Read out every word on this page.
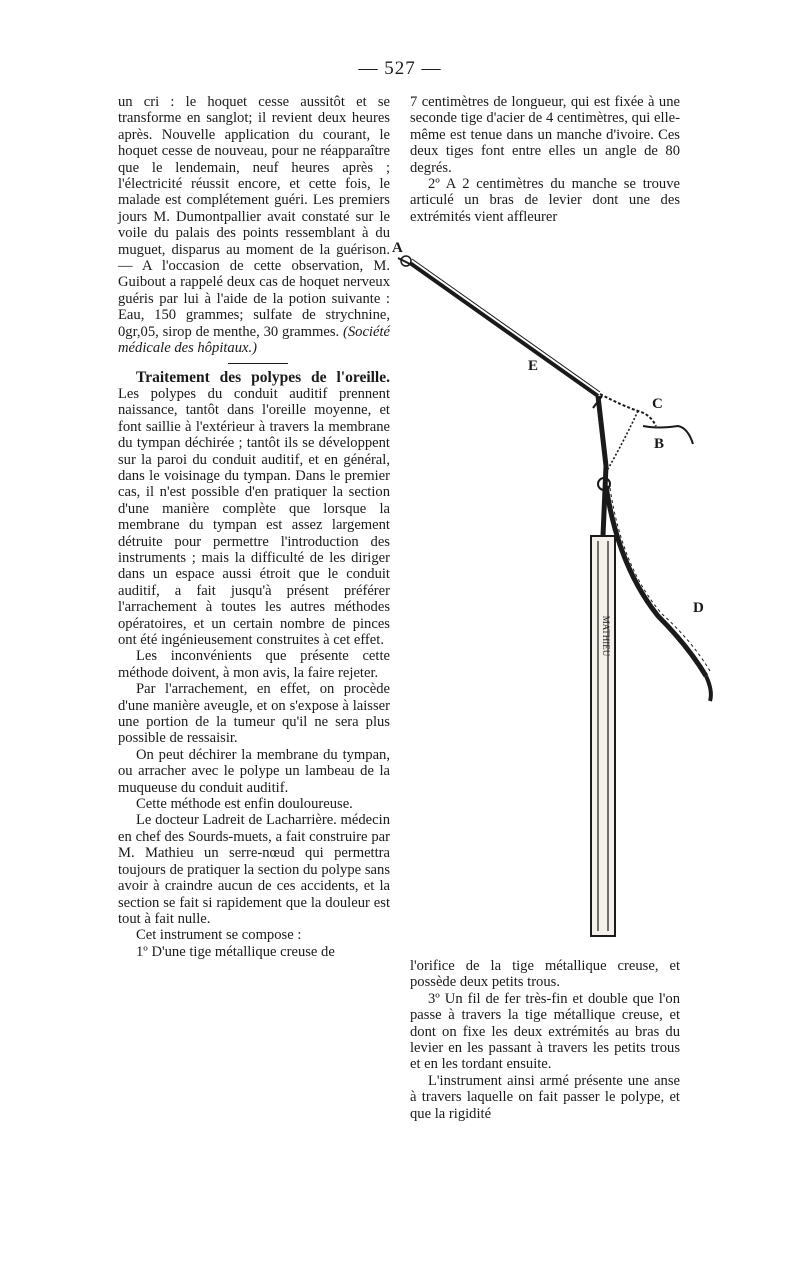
— 527 —

un cri : le hoquet cesse aussitôt et se transforme en sanglot; il revient deux heures après. Nouvelle application du courant, le hoquet cesse de nouveau, pour ne réapparaître que le lendemain, neuf heures après ; l'électricité réussit encore, et cette fois, le malade est complétement guéri. Les premiers jours M. Dumontpallier avait constaté sur le voile du palais des points ressemblant à du muguet, disparus au moment de la guérison. — A l'occasion de cette observation, M. Guibout a rappelé deux cas de hoquet nerveux guéris par lui à l'aide de la potion suivante : Eau, 150 grammes; sulfate de strychnine, 0gr,05, sirop de menthe, 30 grammes. (Société médicale des hôpitaux.)

Traitement des polypes de l'oreille. Les polypes du conduit auditif prennent naissance, tantôt dans l'oreille moyenne, et font saillie à l'extérieur à travers la membrane du tympan déchirée ; tantôt ils se développent sur la paroi du conduit auditif, et en général, dans le voisinage du tympan. Dans le premier cas, il n'est possible d'en pratiquer la section d'une manière complète que lorsque la membrane du tympan est assez largement détruite pour permettre l'introduction des instruments ; mais la difficulté de les diriger dans un espace aussi étroit que le conduit auditif, a fait jusqu'à présent préférer l'arrachement à toutes les autres méthodes opératoires, et un certain nombre de pinces ont été ingénieusement construites à cet effet.

Les inconvénients que présente cette méthode doivent, à mon avis, la faire rejeter.

Par l'arrachement, en effet, on procède d'une manière aveugle, et on s'expose à laisser une portion de la tumeur qu'il ne sera plus possible de ressaisir.

On peut déchirer la membrane du tympan, ou arracher avec le polype un lambeau de la muqueuse du conduit auditif.

Cette méthode est enfin douloureuse.

Le docteur Ladreit de Lacharrière. médecin en chef des Sourds-muets, a fait construire par M. Mathieu un serre-nœud qui permettra toujours de pratiquer la section du polype sans avoir à craindre aucun de ces accidents, et la section se fait si rapidement que la douleur est tout à fait nulle.

Cet instrument se compose :

1º D'une tige métallique creuse de

7 centimètres de longueur, qui est fixée à une seconde tige d'acier de 4 centimètres, qui elle-même est tenue dans un manche d'ivoire. Ces deux tiges font entre elles un angle de 80 degrés.

2º A 2 centimètres du manche se trouve articulé un bras de levier dont une des extrémités vient affleurer

MATHIEU
A
E
C
B
D

l'orifice de la tige métallique creuse, et possède deux petits trous.

3º Un fil de fer très-fin et double que l'on passe à travers la tige métallique creuse, et dont on fixe les deux extrémités au bras du levier en les passant à travers les petits trous et en les tordant ensuite.

L'instrument ainsi armé présente une anse à travers laquelle on fait passer le polype, et que la rigidité
